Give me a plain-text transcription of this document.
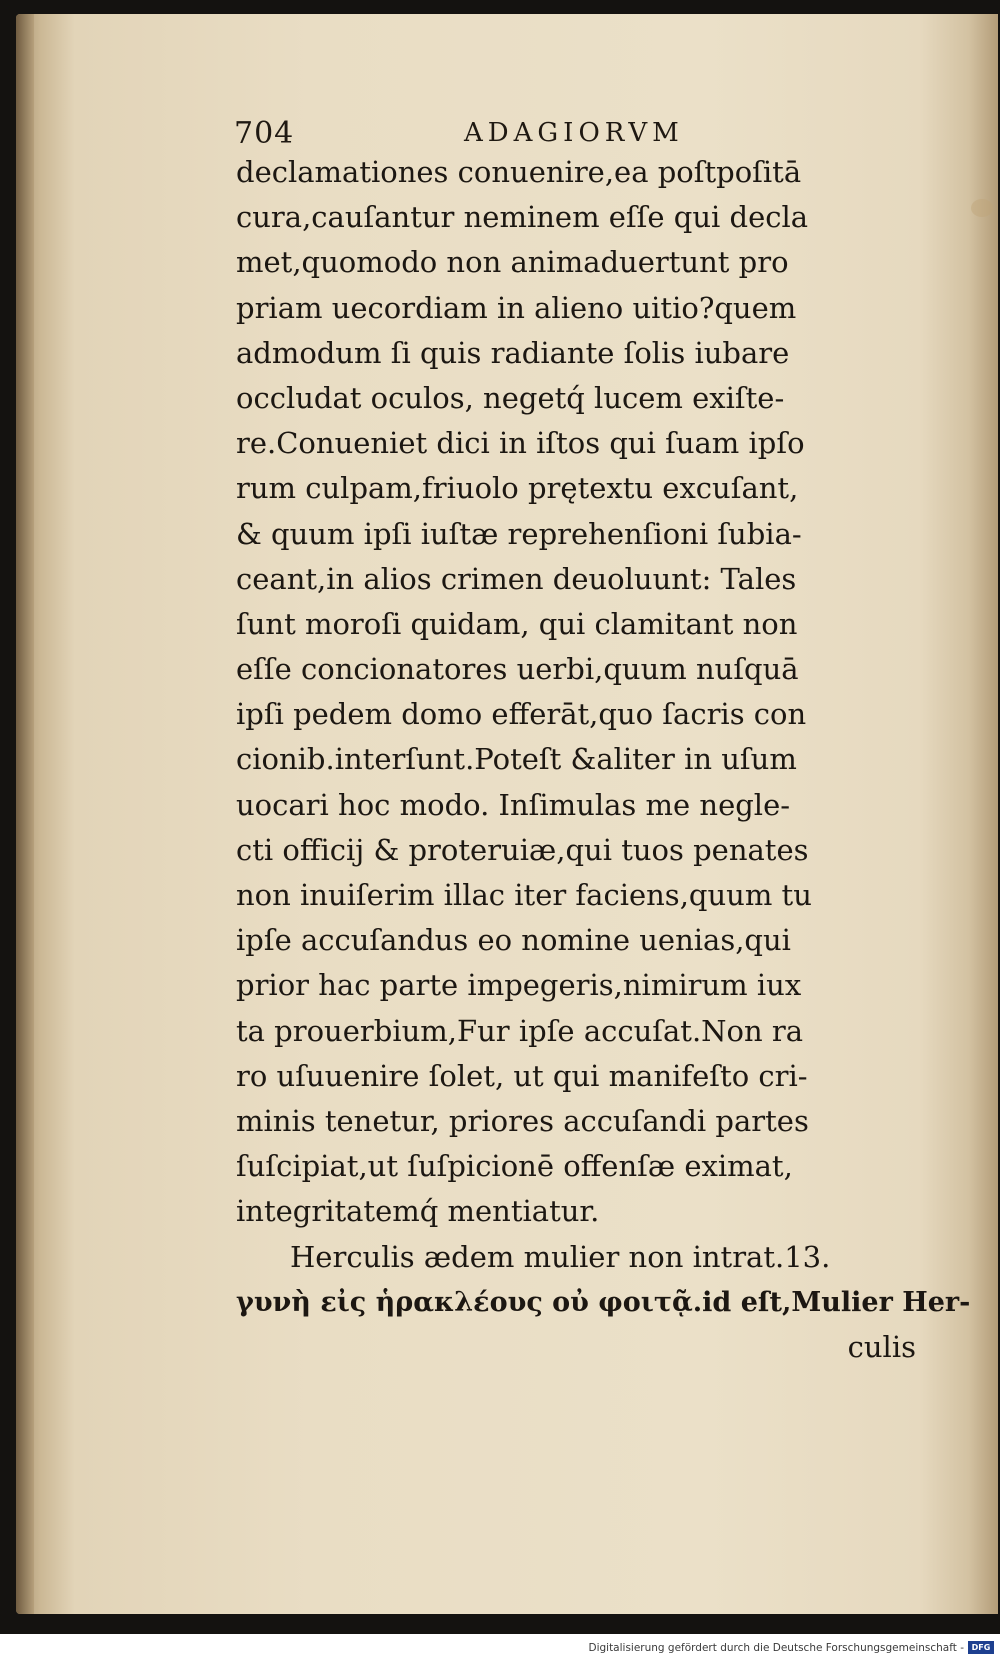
704	ADAGIORVM
declamationes conuenire,ea poſtpoſitā
cura,cauſantur neminem eſſe qui decla
met,quomodo non animaduertunt pro
priam uecordiam in alieno uitio?quem
admodum ſi quis radiante ſolis iubare
occludat oculos, negetq́ lucem exiſte-
re.Conueniet dici in iſtos qui ſuam ipſo
rum culpam,friuolo prętextu excuſant,
& quum ipſi iuſtæ reprehenſioni ſubia-
ceant,in alios crimen deuoluunt: Tales
ſunt moroſi quidam, qui clamitant non
eſſe concionatores uerbi,quum nuſquā
ipſi pedem domo efferāt,quo ſacris con
cionib.interſunt.Poteſt &aliter in uſum
uocari hoc modo. Inſimulas me negle-
cti officij & proteruiæ,qui tuos penates
non inuiſerim illac iter faciens,quum tu
ipſe accuſandus eo nomine uenias,qui
prior hac parte impegeris,nimirum iux
ta prouerbium,Fur ipſe accuſat.Non ra
ro uſuuenire ſolet, ut qui manifeſto cri-
minis tenetur, priores accuſandi partes
ſuſcipiat,ut ſuſpicionē offenſæ eximat,
integritatemq́ mentiatur.
Herculis ædem mulier non intrat.13.
γυνὴ εἰς ἡρακλέους οὐ φοιτᾷ.id eſt,Mulier Her-
culis
Digitalisierung gefördert durch die Deutsche Forschungsgemeinschaft - DFG
